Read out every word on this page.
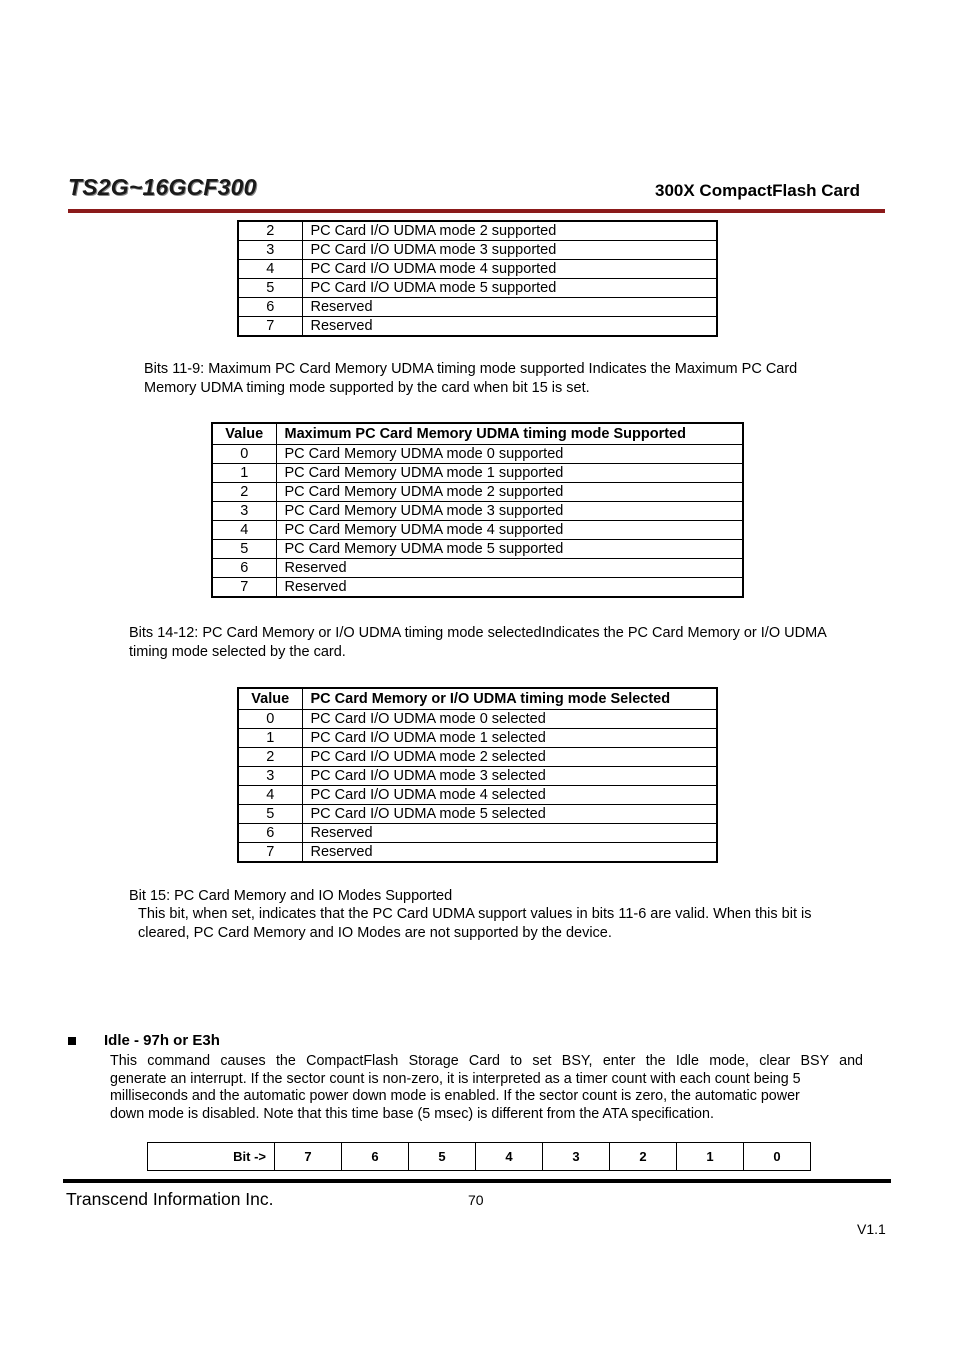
TS2G~16GCF300	300X CompactFlash Card
2	PC Card I/O UDMA mode 2 supported
3	PC Card I/O UDMA mode 3 supported
4	PC Card I/O UDMA mode 4 supported
5	PC Card I/O UDMA mode 5 supported
6	Reserved
7	Reserved
Bits 11-9: Maximum PC Card Memory UDMA timing mode supported Indicates the Maximum PC Card
Memory UDMA timing mode supported by the card when bit 15 is set.
Value	Maximum PC Card Memory UDMA timing mode Supported
0	PC Card Memory UDMA mode 0 supported
1	PC Card Memory UDMA mode 1 supported
2	PC Card Memory UDMA mode 2 supported
3	PC Card Memory UDMA mode 3 supported
4	PC Card Memory UDMA mode 4 supported
5	PC Card Memory UDMA mode 5 supported
6	Reserved
7	Reserved
Bits 14-12: PC Card Memory or I/O UDMA timing mode selectedIndicates the PC Card Memory or I/O UDMA
timing mode selected by the card.
Value	PC Card Memory or I/O UDMA timing mode Selected
0	PC Card I/O UDMA mode 0 selected
1	PC Card I/O UDMA mode 1 selected
2	PC Card I/O UDMA mode 2 selected
3	PC Card I/O UDMA mode 3 selected
4	PC Card I/O UDMA mode 4 selected
5	PC Card I/O UDMA mode 5 selected
6	Reserved
7	Reserved
Bit 15: PC Card Memory and IO Modes Supported
This bit, when set, indicates that the PC Card UDMA support values in bits 11-6 are valid. When this bit is
cleared, PC Card Memory and IO Modes are not supported by the device.
Idle - 97h or E3h
This command causes the CompactFlash Storage Card to set BSY, enter the Idle mode, clear BSY and
generate an interrupt. If the sector count is non-zero, it is interpreted as a timer count with each count being 5
milliseconds and the automatic power down mode is enabled. If the sector count is zero, the automatic power
down mode is disabled. Note that this time base (5 msec) is different from the ATA specification.
Bit ->	7	6	5	4	3	2	1	0
Transcend Information Inc.	70
V1.1
